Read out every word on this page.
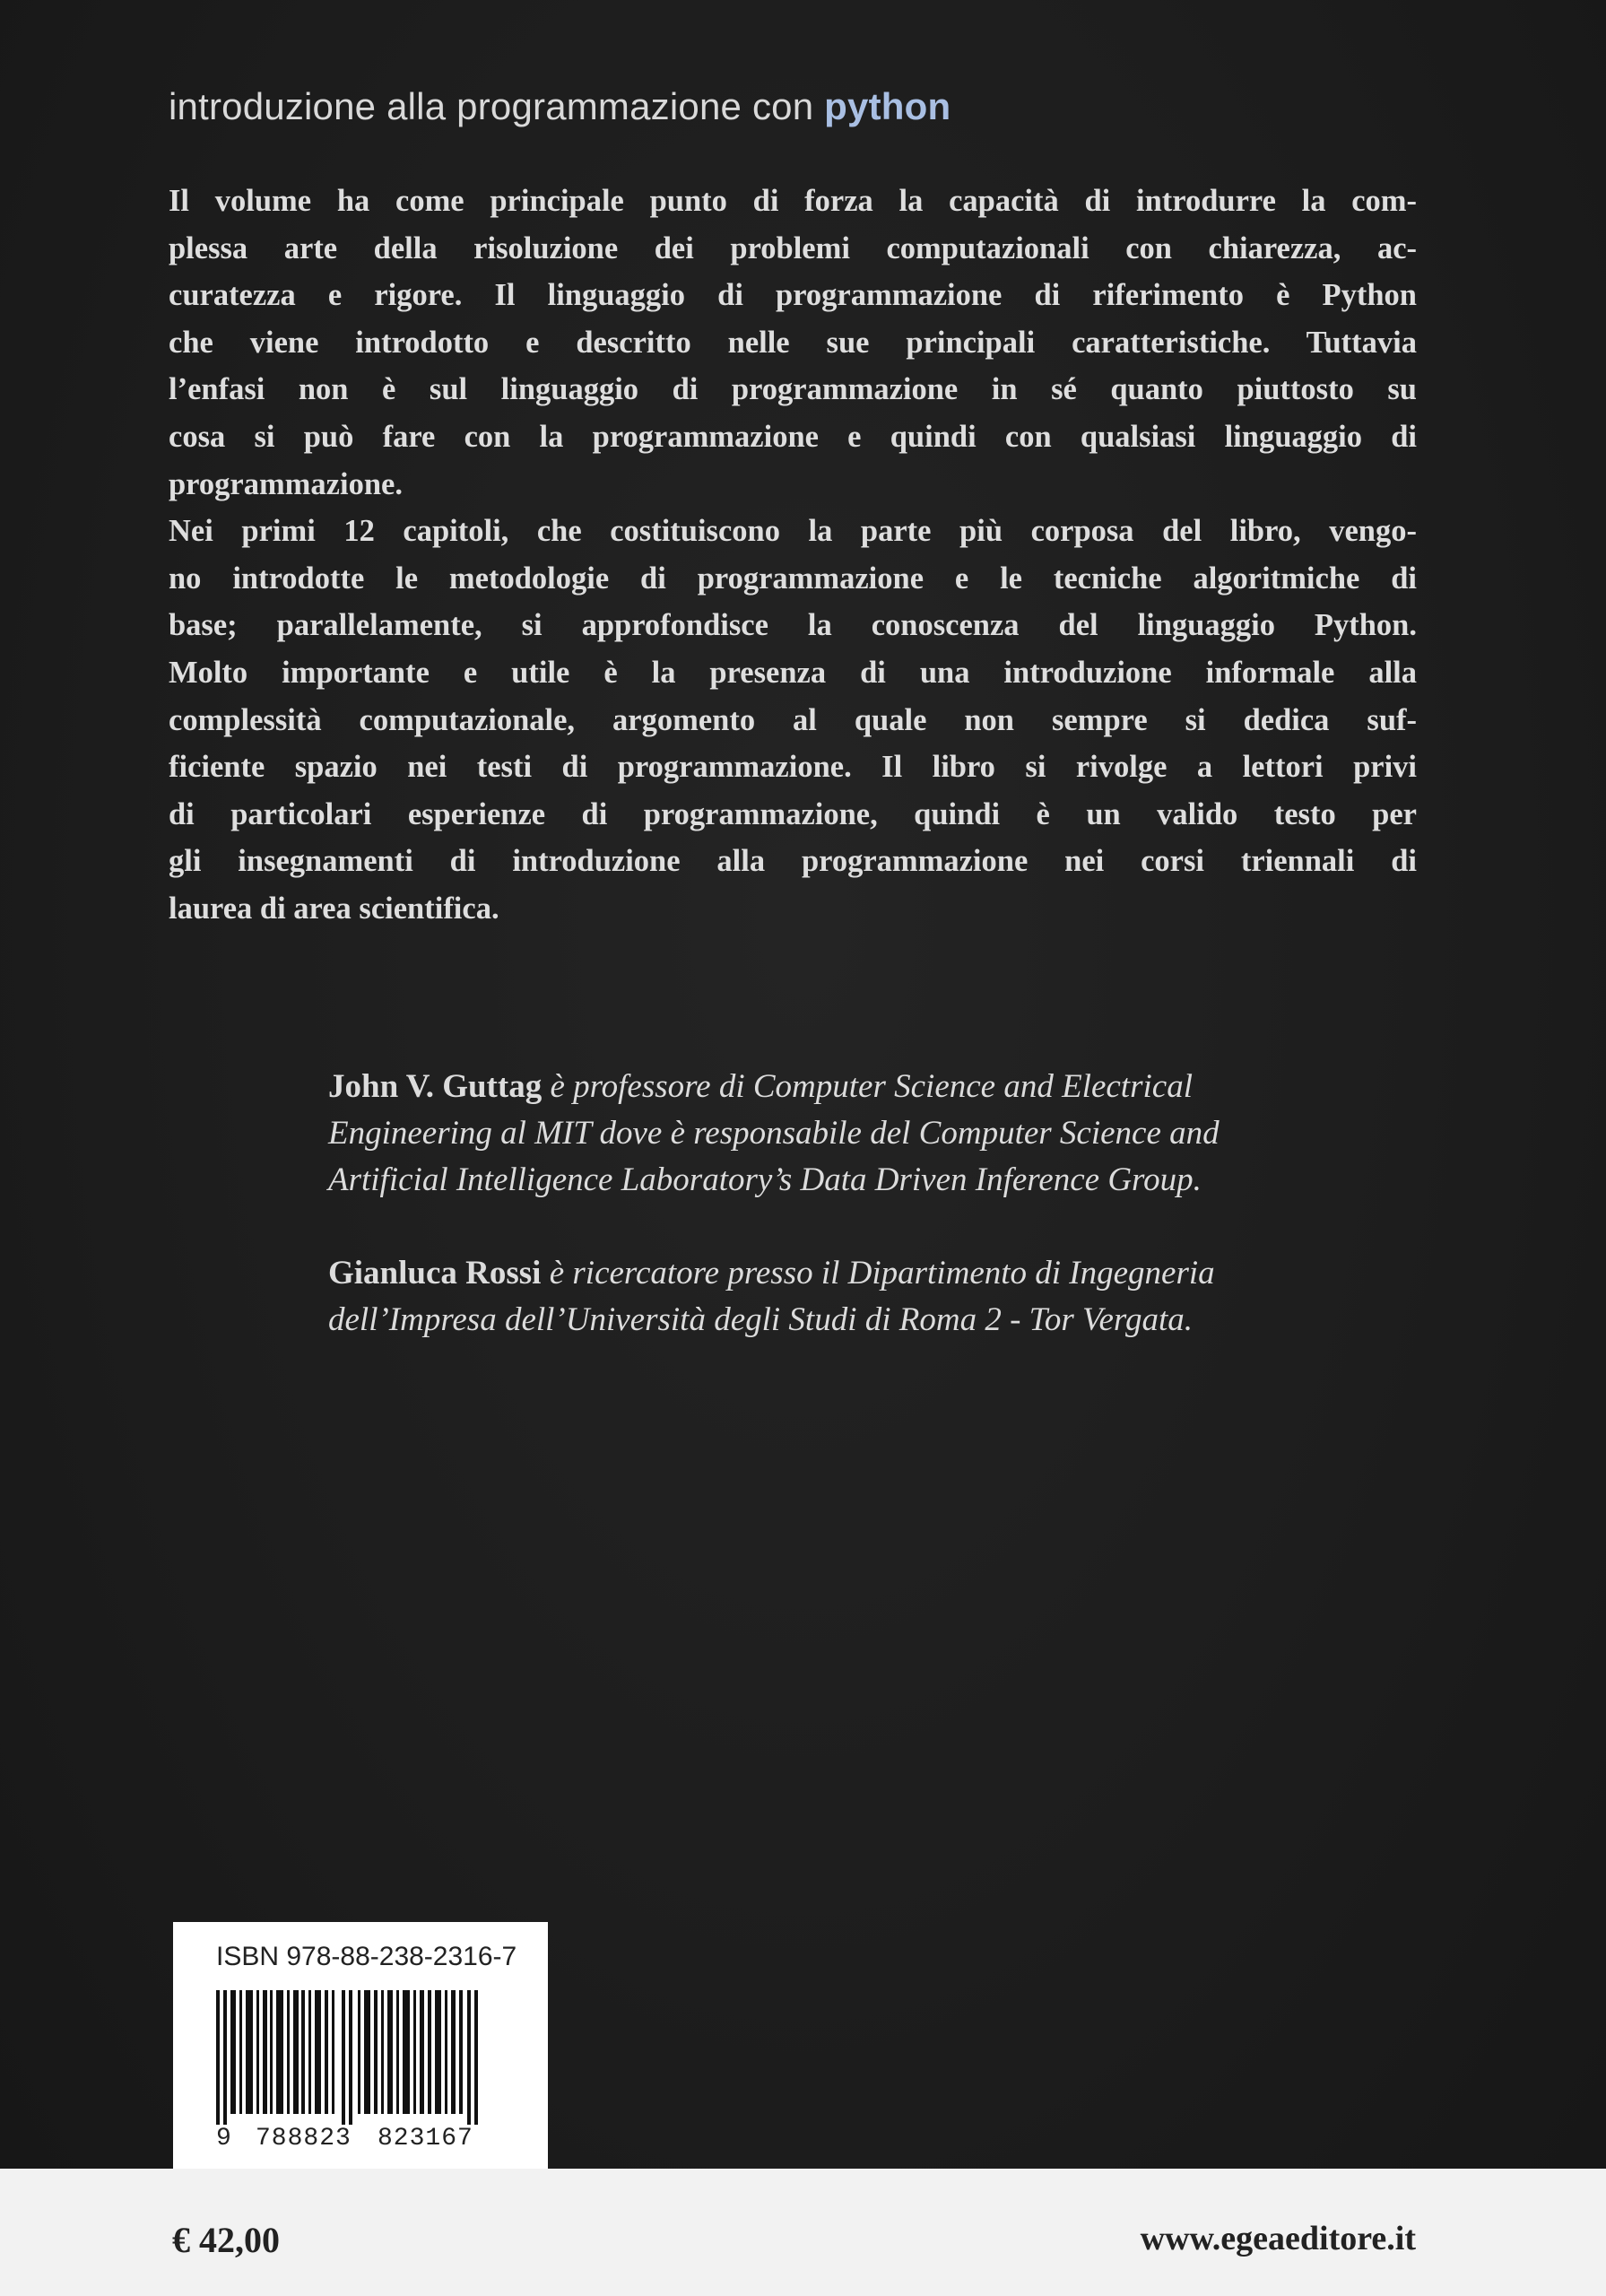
introduzione alla programmazione con python
Il volume ha come principale punto di forza la capacità di introdurre la com-
plessa arte della risoluzione dei problemi computazionali con chiarezza, ac-
curatezza e rigore. Il linguaggio di programmazione di riferimento è Python
che viene introdotto e descritto nelle sue principali caratteristiche. Tuttavia
l’enfasi non è sul linguaggio di programmazione in sé quanto piuttosto su
cosa si può fare con la programmazione e quindi con qualsiasi linguaggio di
programmazione.
Nei primi 12 capitoli, che costituiscono la parte più corposa del libro, vengo-
no introdotte le metodologie di programmazione e le tecniche algoritmiche di
base; parallelamente, si approfondisce la conoscenza del linguaggio Python.
Molto importante e utile è la presenza di una introduzione informale alla
complessità computazionale, argomento al quale non sempre si dedica suf-
ficiente spazio nei testi di programmazione. Il libro si rivolge a lettori privi
di particolari esperienze di programmazione, quindi è un valido testo per
gli insegnamenti di introduzione alla programmazione nei corsi triennali di
laurea di area scientifica.
John V. Guttag è professore di Computer Science and Electrical
Engineering al MIT dove è responsabile del Computer Science and
Artificial Intelligence Laboratory’s Data Driven Inference Group.
Gianluca Rossi è ricercatore presso il Dipartimento di Ingegneria
dell’Impresa dell’Università degli Studi di Roma 2 - Tor Vergata.
ISBN 978-88-238-2316-7
9 788823 823167
€ 42,00	www.egeaeditore.it
